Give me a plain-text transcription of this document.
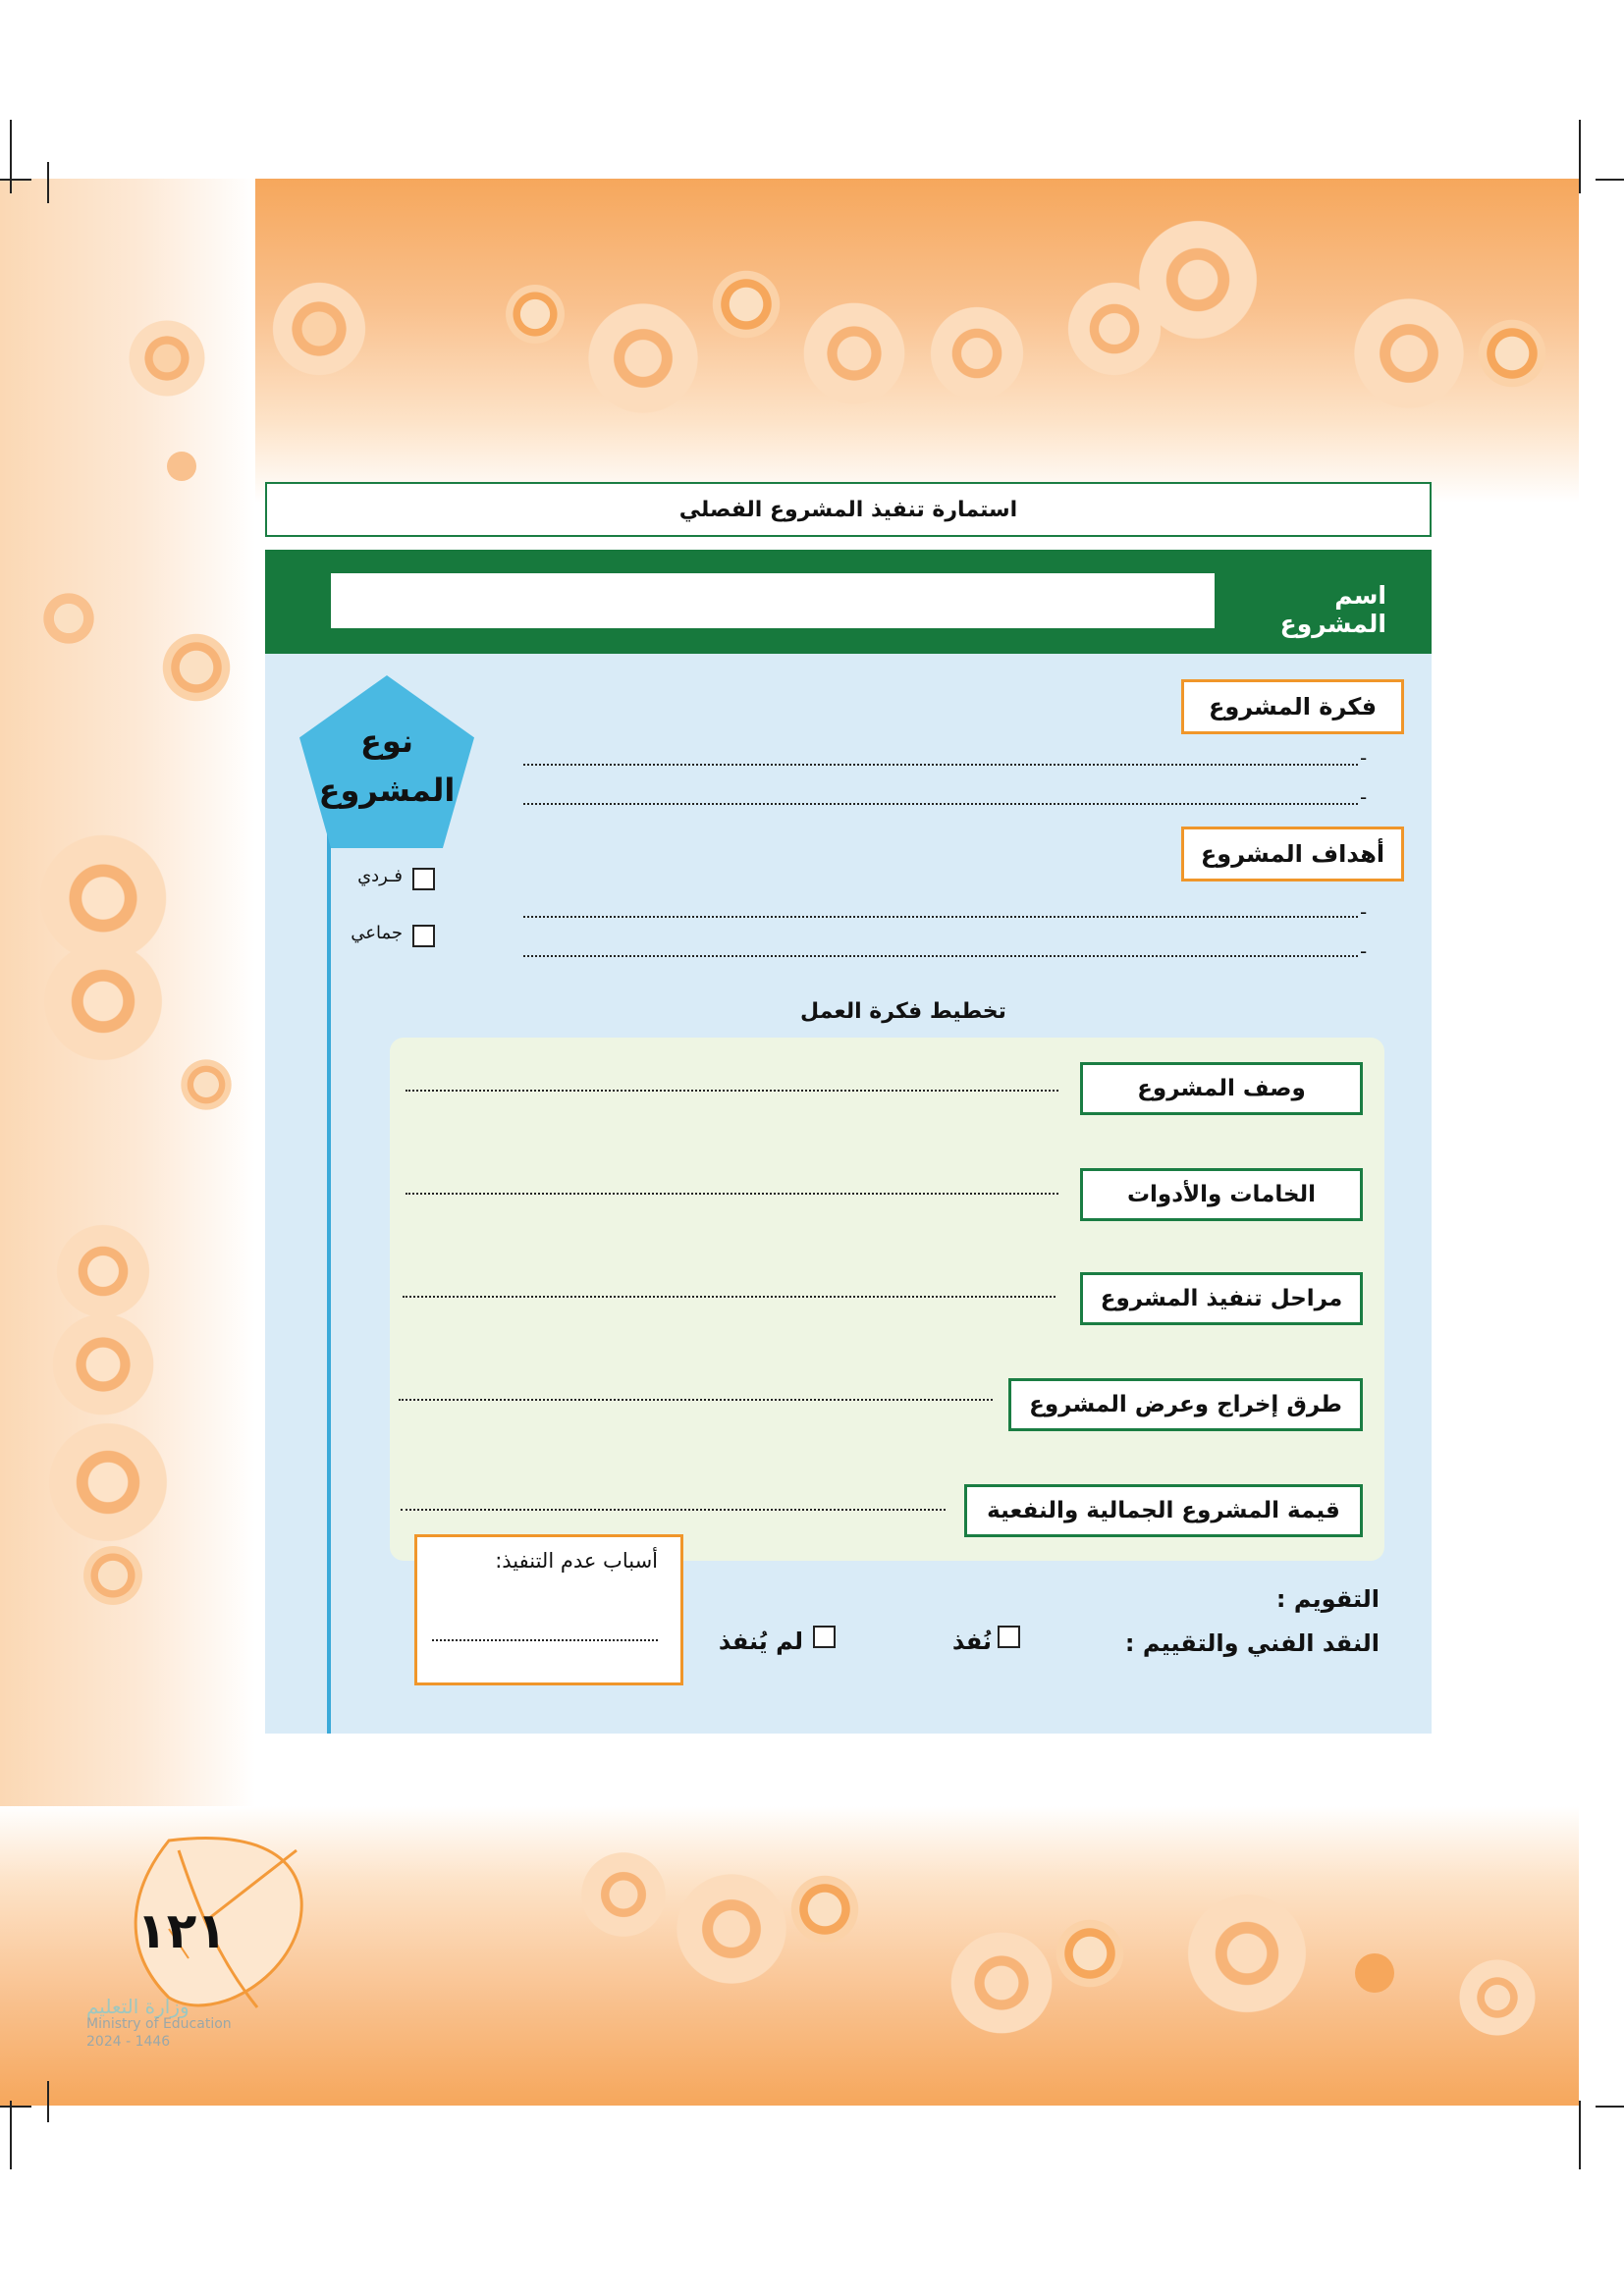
استمارة تنفيذ المشروع الفصلي
اسم المشروع
نوع المشروع
فـردي
جماعي
فكرة المشروع
-
-
أهداف المشروع
-
-
تخطيط فكرة العمل
وصف المشروع
الخامات والأدوات
مراحل تنفيذ المشروع
طرق إخراج وعرض المشروع
قيمة المشروع الجمالية والنفعية
أسباب عدم التنفيذ:
التقويم :
النقد الفني والتقييم :
نُفذ
لم يُنفذ
١٢١
وزارة التعليم
Ministry of Education
2024 - 1446
